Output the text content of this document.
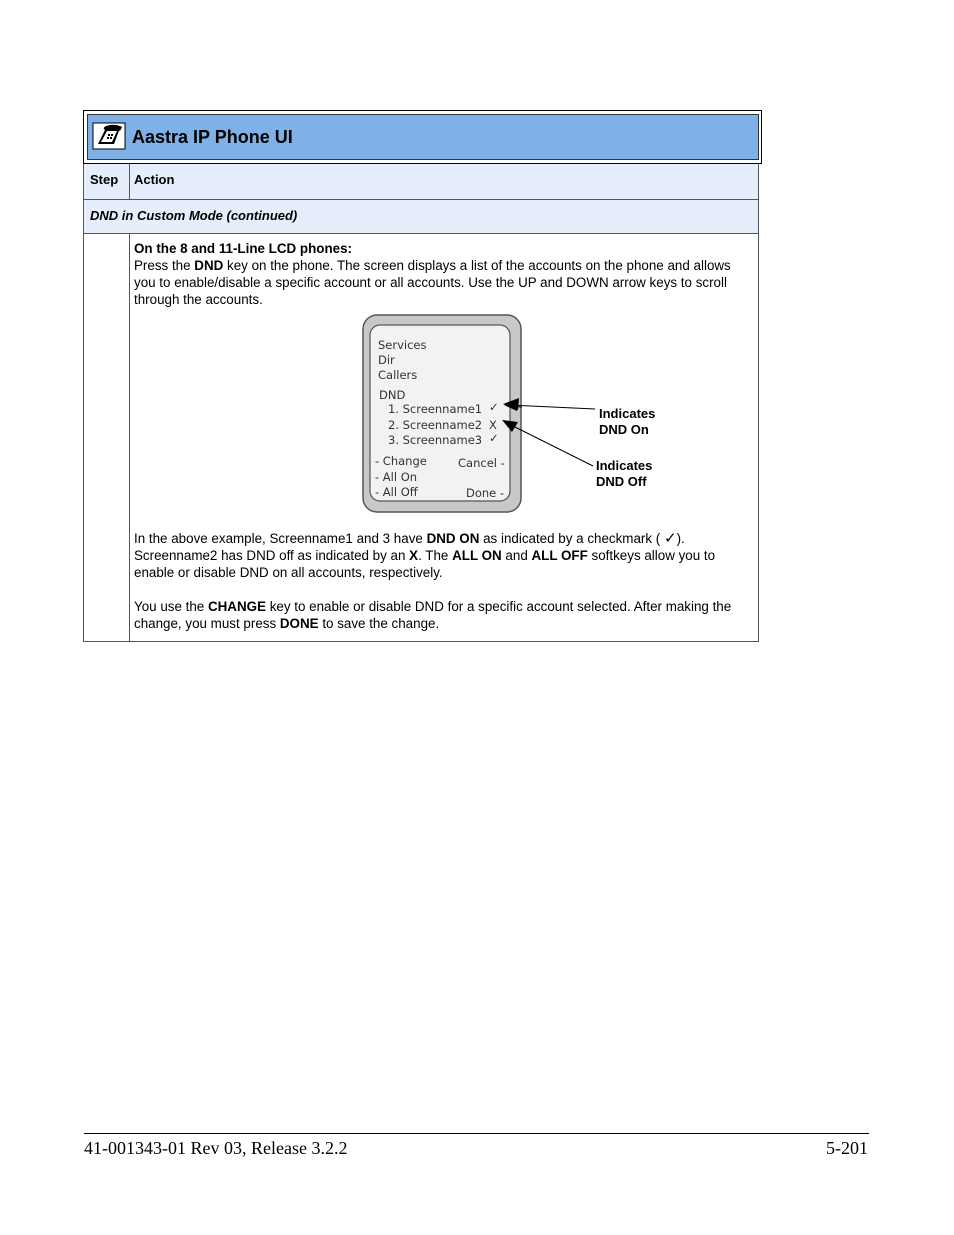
Aastra IP Phone UI
Step Action
DND in Custom Mode (continued)
On the 8 and 11-Line LCD phones:
Press the DND key on the phone. The screen displays a list of the accounts on the phone and allows you to enable/disable a specific account or all accounts. Use the UP and DOWN arrow keys to scroll through the accounts.
Services
Dir
Callers
DND
1. Screenname1 ✓
2. Screenname2 X
3. Screenname3 ✓
- Change
- All On
- All Off
Cancel -
Done -
Indicates
DND On
Indicates
DND Off
In the above example, Screenname1 and 3 have DND ON as indicated by a checkmark ( ✓).
Screenname2 has DND off as indicated by an X. The ALL ON and ALL OFF softkeys allow you to enable or disable DND on all accounts, respectively.
You use the CHANGE key to enable or disable DND for a specific account selected. After making the change, you must press DONE to save the change.
41-001343-01 Rev 03, Release 3.2.2	5-201
